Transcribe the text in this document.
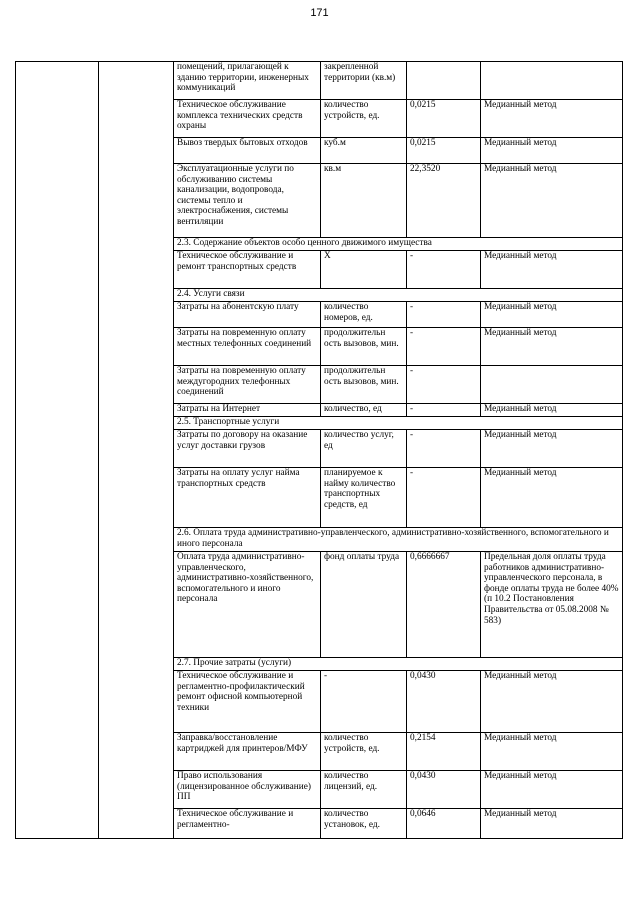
171
		помещений, прилагающей к зданию территории, инженерных коммуникаций	закрепленной территории (кв.м)		
		Техническое обслуживание комплекса технических средств охраны	количество устройств, ед.	0,0215	Медианный метод
		Вывоз твердых бытовых отходов	куб.м	0,0215	Медианный метод
		Эксплуатационные услуги по обслуживанию системы канализации, водопровода, системы тепло и электроснабжения, системы вентиляции	кв.м	22,3520	Медианный метод
		2.3. Содержание объектов особо ценного движимого имущества			
		Техническое обслуживание и ремонт транспортных средств	X	-	Медианный метод
		2.4. Услуги связи			
		Затраты на абонентскую плату	количество номеров, ед.	-	Медианный метод
		Затраты на повременную оплату местных телефонных соединений	продолжительн ость вызовов, мин.	-	Медианный метод
		Затраты на повременную оплату междугородних телефонных соединений	продолжительн ость вызовов, мин.	-	
		Затраты на Интернет	количество, ед	-	Медианный метод
		2.5. Транспортные услуги			
		Затраты по договору на оказание услуг доставки грузов	количество услуг, ед	-	Медианный метод
		Затраты на оплату услуг найма транспортных средств	планируемое к найму количество транспортных средств, ед	-	Медианный метод
		2.6. Оплата труда административно-управленческого, административно-хозяйственного, вспомогательного и иного персонала			
		Оплата труда административно-управленческого, административно-хозяйственного, вспомогательного и иного персонала	фонд оплаты труда	0,6666667	Предельная доля оплаты труда работников административно-управленческого персонала, в фонде оплаты труда не более 40% (п 10.2 Постановления Правительства от 05.08.2008 № 583)
		2.7. Прочие затраты (услуги)			
		Техническое обслуживание и регламентно-профилактический ремонт офисной компьютерной техники	-	0,0430	Медианный метод
		Заправка/восстановление картриджей для принтеров/МФУ	количество устройств, ед.	0,2154	Медианный метод
		Право использования (лицензированное обслуживание) ПП	количество лицензий, ед.	0,0430	Медианный метод
		Техническое обслуживание и регламентно-	количество установок, ед.	0,0646	Медианный метод
